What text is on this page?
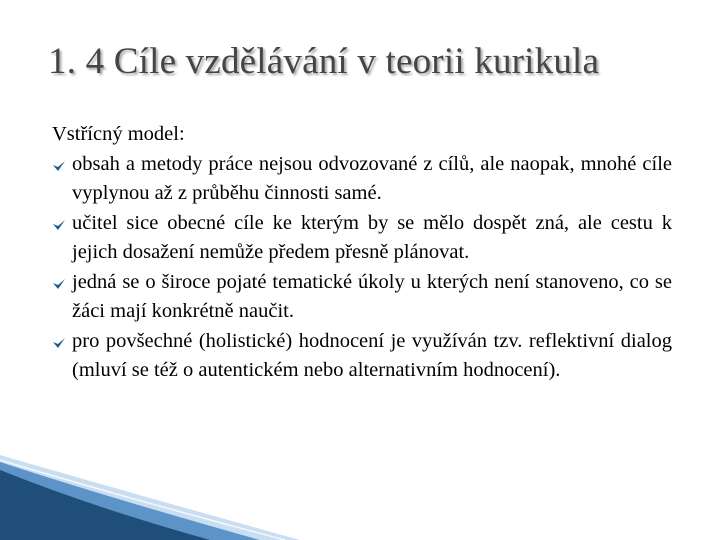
1. 4 Cíle vzdělávání v teorii kurikula

Vstřícný model:

obsah a metody práce nejsou odvozované z cílů, ale naopak, mnohé cíle vyplynou až z průběhu činnosti samé.
učitel sice obecné cíle ke kterým by se mělo dospět zná, ale cestu k jejich dosažení nemůže předem přesně plánovat.
jedná se o široce pojaté tematické úkoly u kterých není stanoveno, co se žáci mají konkrétně naučit.
pro povšechné (holistické) hodnocení je využíván tzv. reflektivní dialog (mluví se též o autentickém nebo alternativním hodnocení).
